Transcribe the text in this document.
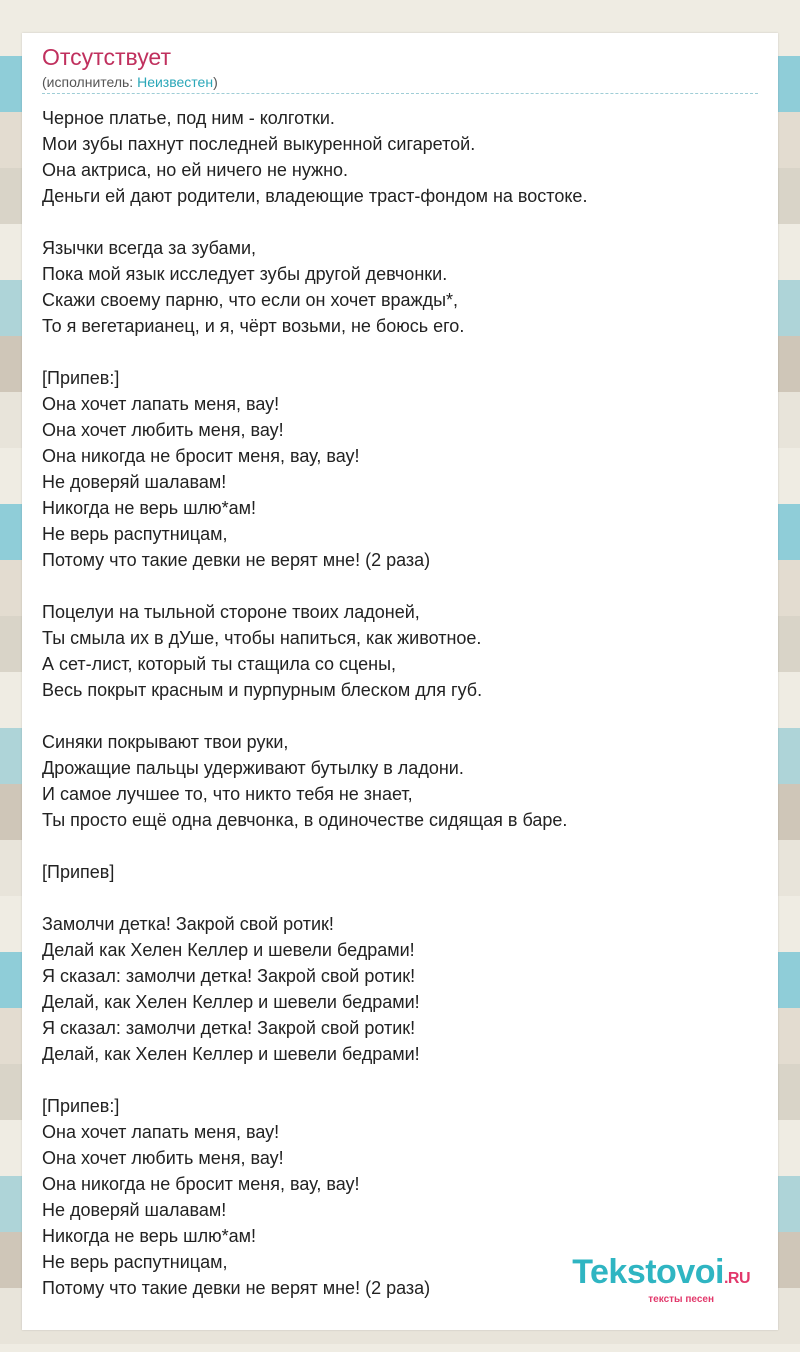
Отсутствует
(исполнитель: Неизвестен)
Черное платье, под ним - колготки.
Мои зубы пахнут последней выкуренной сигаретой.
Она актриса, но ей ничего не нужно.
Деньги ей дают родители, владеющие траст-фондом на востоке.
Язычки всегда за зубами,
Пока мой язык исследует зубы другой девчонки.
Скажи своему парню, что если он хочет вражды*,
То я вегетарианец, и я, чёрт возьми, не боюсь его.
[Припев:]
Она хочет лапать меня, вау!
Она хочет любить меня, вау!
Она никогда не бросит меня, вау, вау!
Не доверяй шалавам!
Никогда не верь шлю*ам!
Не верь распутницам,
Потому что такие девки не верят мне! (2 раза)
Поцелуи на тыльной стороне твоих ладоней,
Ты смыла их в дУше, чтобы напиться, как животное.
А сет-лист, который ты стащила со сцены,
Весь покрыт красным и пурпурным блеском для губ.
Синяки покрывают твои руки,
Дрожащие пальцы удерживают бутылку в ладони.
И самое лучшее то, что никто тебя не знает,
Ты просто ещё одна девчонка, в одиночестве сидящая в баре.
[Припев]
Замолчи детка! Закрой свой ротик!
Делай как Хелен Келлер и шевели бедрами!
Я сказал: замолчи детка! Закрой свой ротик!
Делай, как Хелен Келлер и шевели бедрами!
Я сказал: замолчи детка! Закрой свой ротик!
Делай, как Хелен Келлер и шевели бедрами!
[Припев:]
Она хочет лапать меня, вау!
Она хочет любить меня, вау!
Она никогда не бросит меня, вау, вау!
Не доверяй шалавам!
Никогда не верь шлю*ам!
Не верь распутницам,
Потому что такие девки не верят мне! (2 раза)	Tekstovoi.RU
тексты песен
